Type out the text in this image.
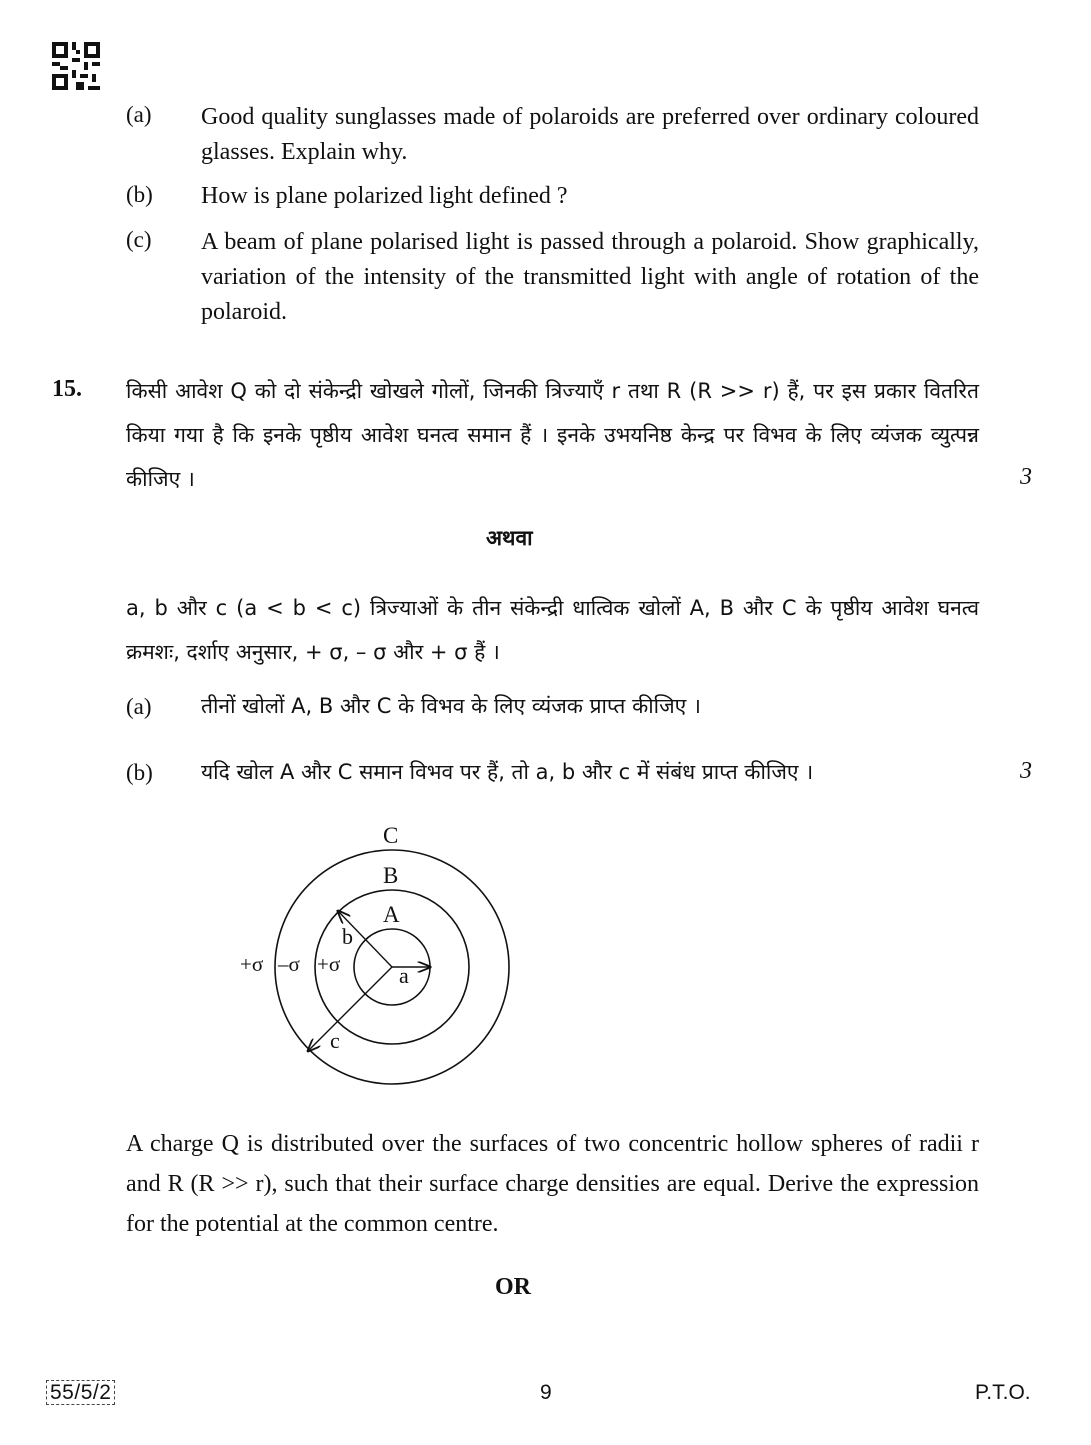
(a) Good quality sunglasses made of polaroids are preferred over ordinary coloured glasses. Explain why.
(b) How is plane polarized light defined ?
(c) A beam of plane polarised light is passed through a polaroid. Show graphically, variation of the intensity of the transmitted light with angle of rotation of the polaroid.
15. किसी आवेश Q को दो संकेन्द्री खोखले गोलों, जिनकी त्रिज्याएँ r तथा R (R >> r) हैं, पर इस प्रकार वितरित किया गया है कि इनके पृष्ठीय आवेश घनत्व समान हैं । इनके उभयनिष्ठ केन्द्र पर विभव के लिए व्यंजक व्युत्पन्न कीजिए ।	3
अथवा
a, b और c (a < b < c) त्रिज्याओं के तीन संकेन्द्री धात्विक खोलों A, B और C के पृष्ठीय आवेश घनत्व क्रमशः, दर्शाए अनुसार, + σ, – σ और + σ हैं ।
(a) तीनों खोलों A, B और C के विभव के लिए व्यंजक प्राप्त कीजिए ।
(b) यदि खोल A और C समान विभव पर हैं, तो a, b और c में संबंध प्राप्त कीजिए ।	3
C
B
A
b
a
c
+σ –σ +σ
A charge Q is distributed over the surfaces of two concentric hollow spheres of radii r and R (R >> r), such that their surface charge densities are equal. Derive the expression for the potential at the common centre.
OR
55/5/2	9	P.T.O.
